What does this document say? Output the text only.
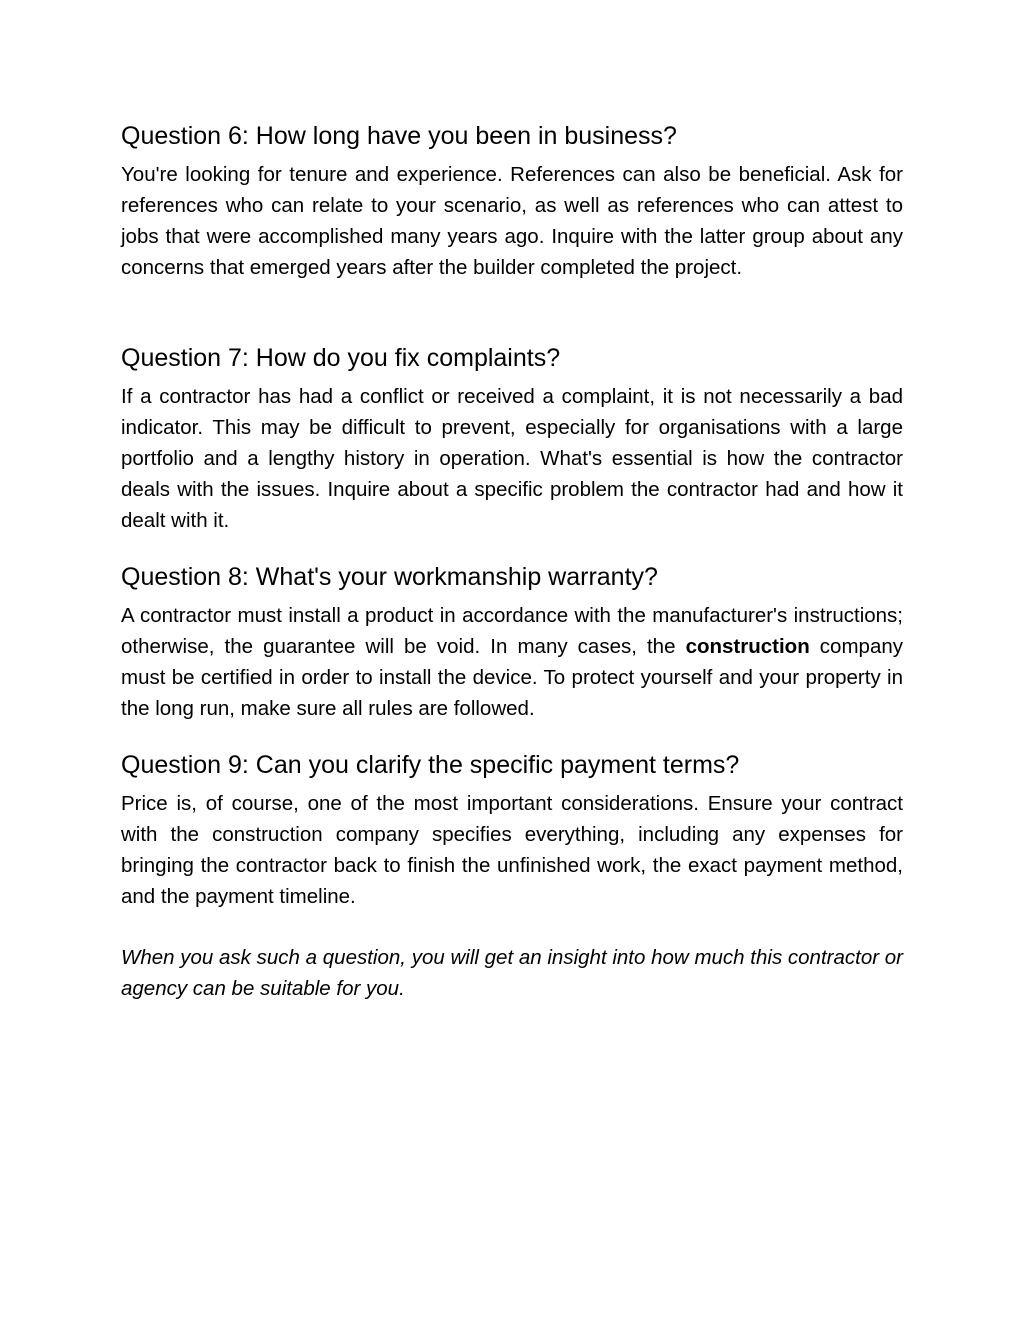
Question 6: How long have you been in business?

You're looking for tenure and experience. References can also be beneficial. Ask for references who can relate to your scenario, as well as references who can attest to jobs that were accomplished many years ago. Inquire with the latter group about any concerns that emerged years after the builder completed the project.

Question 7: How do you fix complaints?

If a contractor has had a conflict or received a complaint, it is not necessarily a bad indicator. This may be difficult to prevent, especially for organisations with a large portfolio and a lengthy history in operation. What's essential is how the contractor deals with the issues. Inquire about a specific problem the contractor had and how it dealt with it.

Question 8: What's your workmanship warranty?

A contractor must install a product in accordance with the manufacturer's instructions; otherwise, the guarantee will be void. In many cases, the construction company must be certified in order to install the device. To protect yourself and your property in the long run, make sure all rules are followed.

Question 9: Can you clarify the specific payment terms?

Price is, of course, one of the most important considerations. Ensure your contract with the construction company specifies everything, including any expenses for bringing the contractor back to finish the unfinished work, the exact payment method, and the payment timeline.

When you ask such a question, you will get an insight into how much this contractor or agency can be suitable for you.
